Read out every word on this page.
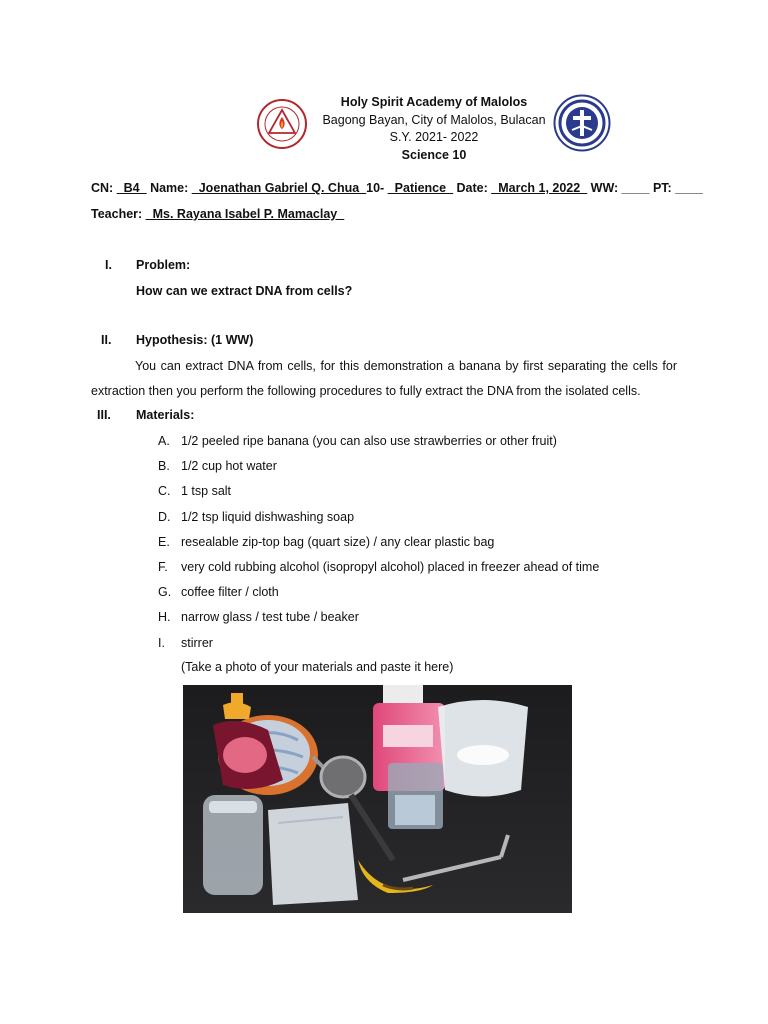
Holy Spirit Academy of Malolos
Bagong Bayan, City of Malolos, Bulacan
S.Y. 2021- 2022
Science 10
CN: _B4_ Name: _Joenathan Gabriel Q. Chua_10- _Patience_ Date: _March 1, 2022_ WW: ____ PT: ____
Teacher: _Ms. Rayana Isabel P. Mamaclay_
I. Problem:
How can we extract DNA from cells?
II. Hypothesis: (1 WW)
You can extract DNA from cells, for this demonstration a banana by first separating the cells for extraction then you perform the following procedures to fully extract the DNA from the isolated cells.
III. Materials:
A. 1/2 peeled ripe banana (you can also use strawberries or other fruit)
B. 1/2 cup hot water
C. 1 tsp salt
D. 1/2 tsp liquid dishwashing soap
E. resealable zip-top bag (quart size) / any clear plastic bag
F. very cold rubbing alcohol (isopropyl alcohol) placed in freezer ahead of time
G. coffee filter / cloth
H. narrow glass / test tube / beaker
I. stirrer
(Take a photo of your materials and paste it here)
